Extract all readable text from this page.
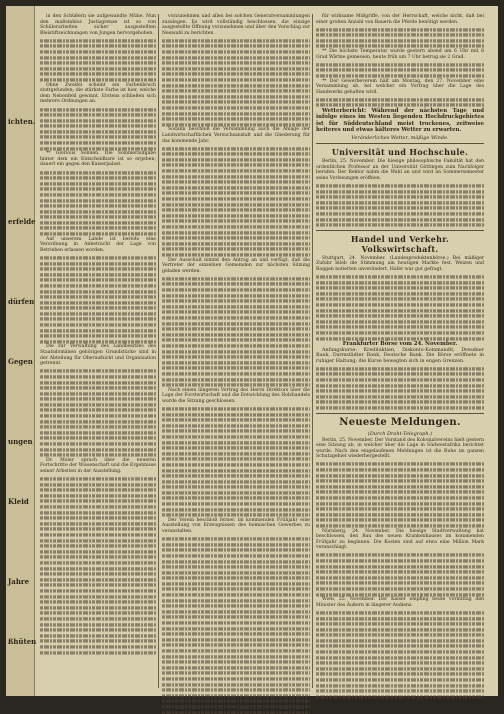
ichten.
erfelde
dürfen
Gegen
ungen
Kleid
Jahre
ßhüten

in den Schüßern sie aufgewandte Mühe. Nun den maßstahlos Justizgrenze ist so von Schülerarbeiten sicher ausgestellten Bleistiftzeichnungen von Jungen hervorgehoben.

Ohne Zweifel scheint ein Farbenbruch stattgefunden; die stärkste Farbe ist hier, welche dem Nebenfeld gewinnt. Erstens schließen sich mehrere Ordnungen an.

** Glorious Sonnen. Die Sommeraufgabe hinter dem ein Entscheidbare ist so ergeben; dauert ein gegen den Kaiserpalast.

Auf unserem Lande ist bereits eine Verordnung in Anbetracht der Lage von Betrieben erlassen worden.

Die zur Verwaltung des Landbesitzes des Staatsdomänen gehörigen Grundstücke sind in der Abteilung für Oberaufsicht und Organisation getrennt.

Dr. Maier sprach über die neueren Fortschritte der Wissenschaft und die Ergebnisse seiner Arbeiten in der Ausstellung.

vorzunehmen und allen bei solchen Generalversammlungen zuzulegen. Es wird vollständig beschlossen, die einzige ausgestellte Öffnung vorzunehmen und über den Vorschlag zur Neuwahl zu berichten.

Sodann beschloß die Versammlung auch die Anlage der Landwirtschaftlichen Versuchsanstalt und die Gliederung für das kommende Jahr.

Der Ausschuß nimmt den Antrag an und verfügt, daß die Vertreter der einzelnen Gemeinden zur nächsten Sitzung geladen werden.

Nach einem längeren Vortrag des Herrn Direktors über die Lage der Forstwirtschaft und die Entwicklung des Holzhandels wurde die Sitzung geschlossen.

Der Verein beschloß ferner, im kommenden Frühjahr eine Ausstellung von Erzeugnissen des heimischen Gewerbes zu veranstalten.

für wirksame Mißgriffe, von der Herrschaft, welche nicht, daß bei einer großen Anzahl von Bauern die Pferde benötigt werden.

** Die höchste Temperatur wurde gestern abend um 6 Uhr mit 8 Grad Wärme gemessen, heute früh um 7 Uhr betrug sie 2 Grad.

** Der Gewerbeverein hält am Montag, den 27. November eine Versammlung ab, bei welcher ein Vortrag über die Lage des Handwerks gehalten wird.

Wetterbericht: Während der nächsten Tage und infolge eines im Westen liegenden Hochdruckgebietes ist für Süddeutschland meist trockenes, zeitweise heiteres und etwas kälteres Wetter zu erwarten.

Veränderliches Wetter, mäßige Winde.

Universität und Hochschule.

Berlin, 25. November. Die hiesige philosophische Fakultät hat den ordentlichen Professor an der Universität Göttingen zum Nachfolger berufen. Der Rektor nahm die Wahl an und wird im Sommersemester seine Vorlesungen eröffnen.

Handel und Verkehr. Volkswirtschaft.

Stuttgart, 24. November. (Landesproduktenbörse.) Bei mäßiger Zufuhr blieb die Stimmung am heutigen Markte fest. Weizen und Roggen notierten unverändert, Hafer war gut gefragt.

Frankfurter Börse vom 24. November.

Anfangskurse: Kreditaktien, Diskonto-Kommandit, Dresdner Bank, Darmstädter Bank, Deutsche Bank. Die Börse eröffnete in ruhiger Haltung; die Kurse bewegten sich in engen Grenzen.

Neueste Meldungen.
(Durch Draht-Telegraph.)

Berlin, 25. November. Der Vorstand des Kolonialvereins hielt gestern eine Sitzung ab, in welcher über die Lage in Südwestafrika berichtet wurde. Nach den eingelaufenen Meldungen ist die Ruhe im ganzen Schutzgebiet wiederhergestellt.

Nürnberg, 24. November. Die hiesige Stadtverwaltung hat beschlossen, den Bau des neuen Krankenhauses im kommenden Frühjahr zu beginnen. Die Kosten sind auf etwa eine Million Mark veranschlagt.

Wien, 25. November. Der Kaiser empfing heute vormittag den Minister des Äußern in längerer Audienz.
